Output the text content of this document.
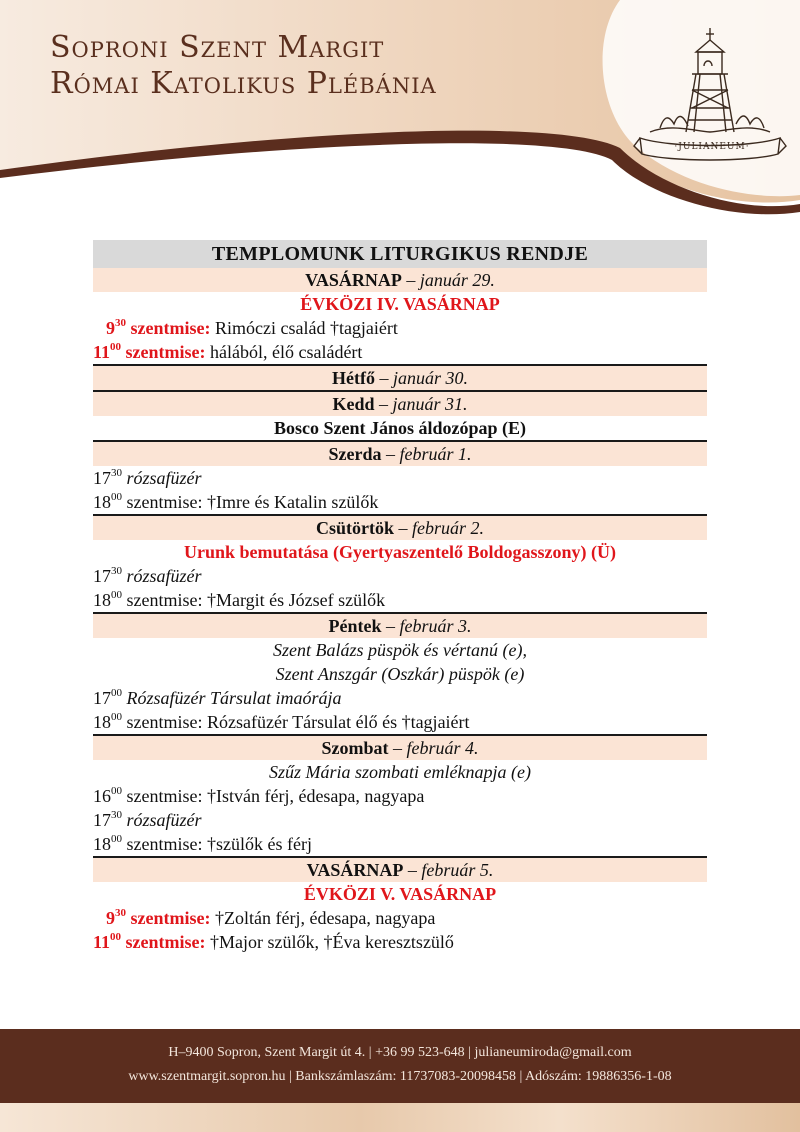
Soproni Szent Margit
Római Katolikus Plébánia
·JULIANEUM·
TEMPLOMUNK LITURGIKUS RENDJE
VASÁRNAP – január 29.
ÉVKÖZI IV. VASÁRNAP
$9^{30}$ szentmise: Rimóczi család †tagjaiért
$11^{00}$ szentmise: hálából, élő családért
Hétfő – január 30.
Kedd – január 31.
Bosco Szent János áldozópap (E)
Szerda – február 1.
$17^{30}$ rózsafüzér
$18^{00}$ szentmise: †Imre és Katalin szülők
Csütörtök – február 2.
Urunk bemutatása (Gyertyaszentelő Boldogasszony) (Ü)
$17^{30}$ rózsafüzér
$18^{00}$ szentmise: †Margit és József szülők
Péntek – február 3.
Szent Balázs püspök és vértanú (e),
Szent Anszgár (Oszkár) püspök (e)
$17^{00}$ Rózsafüzér Társulat imaórája
$18^{00}$ szentmise: Rózsafüzér Társulat élő és †tagjaiért
Szombat – február 4.
Szűz Mária szombati emléknapja (e)
$16^{00}$ szentmise: †István férj, édesapa, nagyapa
$17^{30}$ rózsafüzér
$18^{00}$ szentmise: †szülők és férj
VASÁRNAP – február 5.
ÉVKÖZI V. VASÁRNAP
$9^{30}$ szentmise: †Zoltán férj, édesapa, nagyapa
$11^{00}$ szentmise: †Major szülők, †Éva keresztszülő
H–9400 Sopron, Szent Margit út 4. | +36 99 523-648 | julianeumiroda@gmail.com
www.szentmargit.sopron.hu | Bankszámlaszám: 11737083-20098458 | Adószám: 19886356-1-08
